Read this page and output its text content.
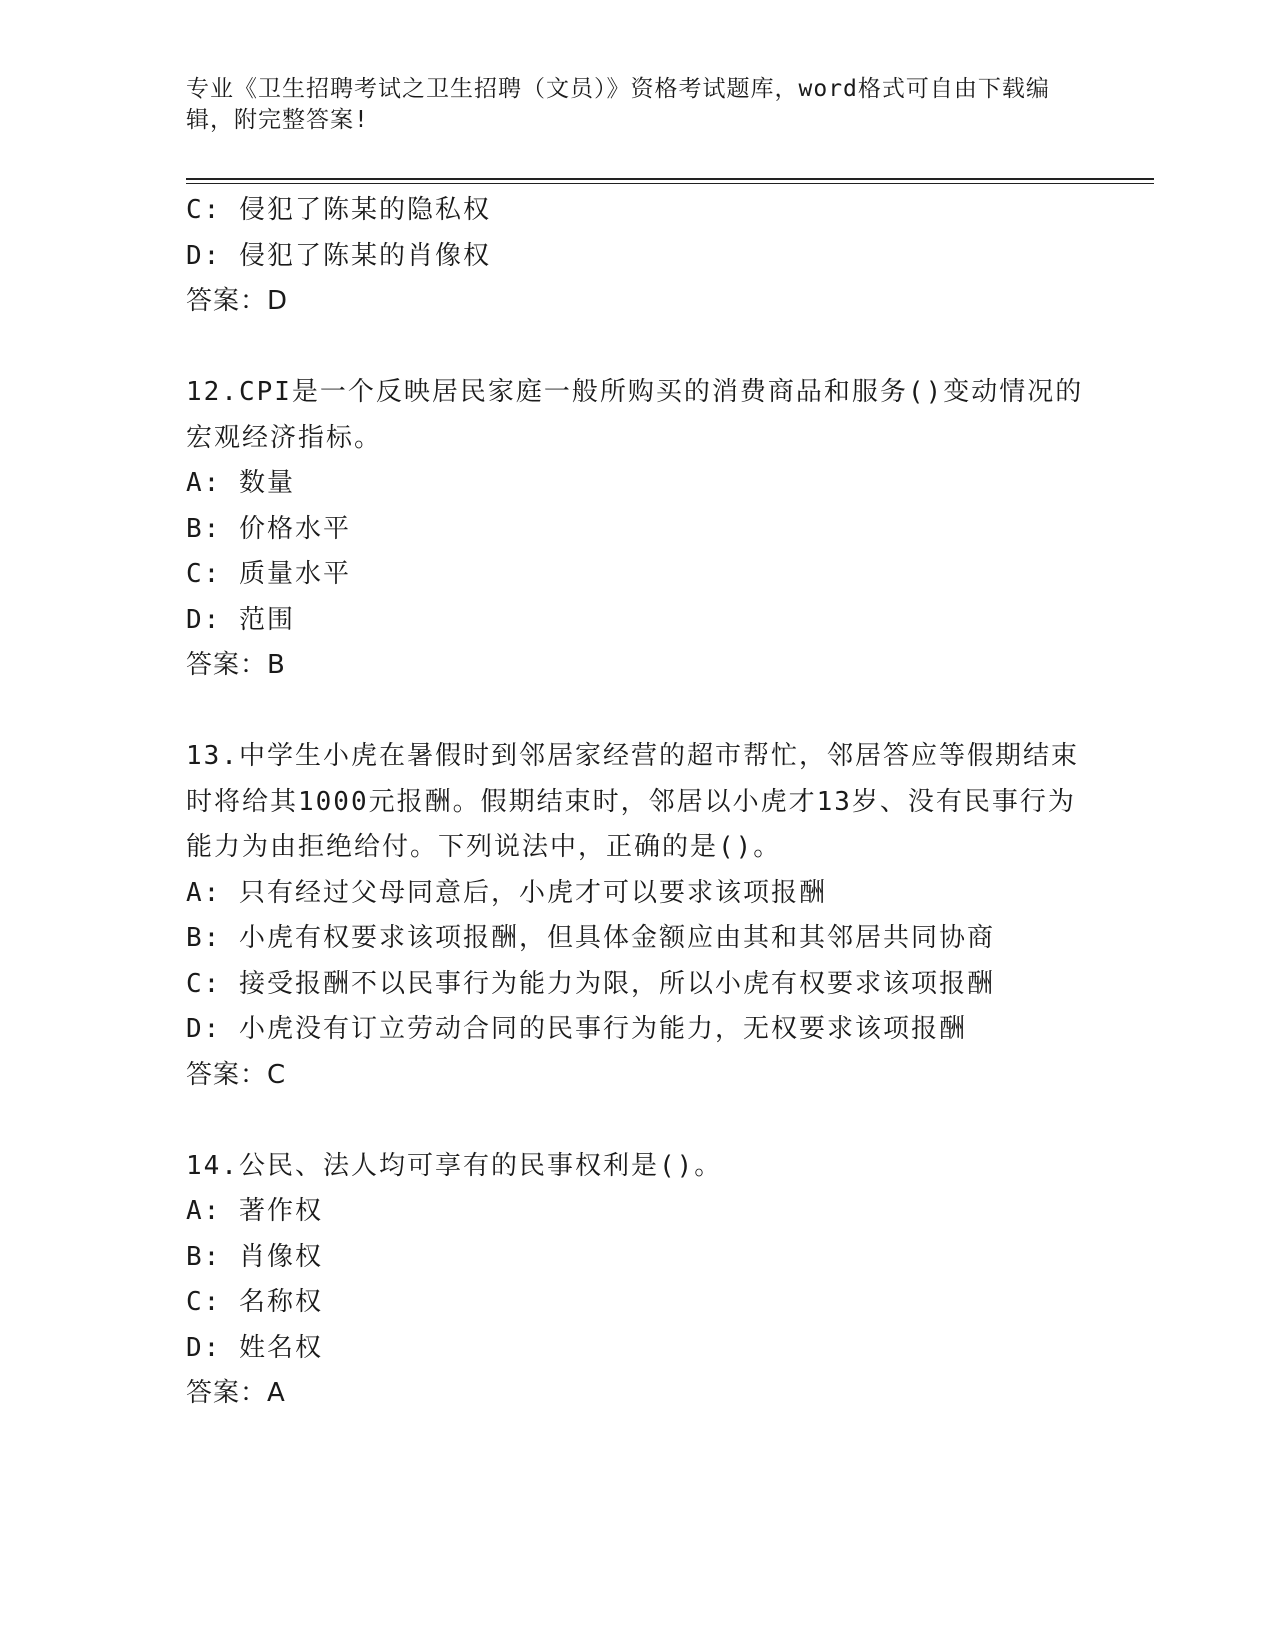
专业《卫生招聘考试之卫生招聘（文员）》资格考试题库，word格式可自由下载编辑，附完整答案!
C: 侵犯了陈某的隐私权
D: 侵犯了陈某的肖像权
答案：D
12.CPI是一个反映居民家庭一般所购买的消费商品和服务()变动情况的宏观经济指标。
A: 数量
B: 价格水平
C: 质量水平
D: 范围
答案：B
13.中学生小虎在暑假时到邻居家经营的超市帮忙，邻居答应等假期结束时将给其1000元报酬。假期结束时，邻居以小虎才13岁、没有民事行为能力为由拒绝给付。下列说法中，正确的是()。
A: 只有经过父母同意后，小虎才可以要求该项报酬
B: 小虎有权要求该项报酬，但具体金额应由其和其邻居共同协商
C: 接受报酬不以民事行为能力为限，所以小虎有权要求该项报酬
D: 小虎没有订立劳动合同的民事行为能力，无权要求该项报酬
答案：C
14.公民、法人均可享有的民事权利是()。
A: 著作权
B: 肖像权
C: 名称权
D: 姓名权
答案：A
